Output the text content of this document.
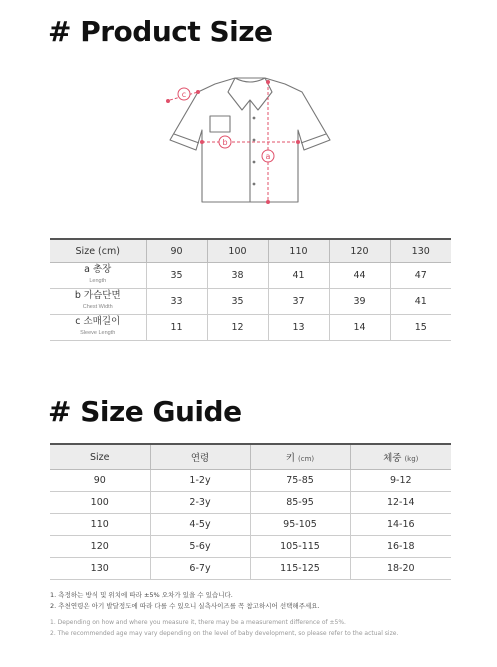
# Product Size
a
b
c
Size (cm)	90	100	110	120	130
a 총장
Length	35	38	41	44	47
b 가슴단면
Chest Width	33	35	37	39	41
c 소매길이
Sleeve Length	11	12	13	14	15
# Size Guide
Size	연령	키 (cm)	체중 (kg)
90	1-2y	75-85	9-12
100	2-3y	85-95	12-14
110	4-5y	95-105	14-16
120	5-6y	105-115	16-18
130	6-7y	115-125	18-20

1. 측정하는 방식 및 위치에 따라 ±5% 오차가 있을 수 있습니다.

2. 추천연령은 아기 발달정도에 따라 다를 수 있으니 실측사이즈를 꼭 참고하시어 선택해주세요.

1. Depending on how and where you measure it, there may be a measurement difference of ±5%.

2. The recommended age may vary depending on the level of baby development, so please refer to the actual size.
